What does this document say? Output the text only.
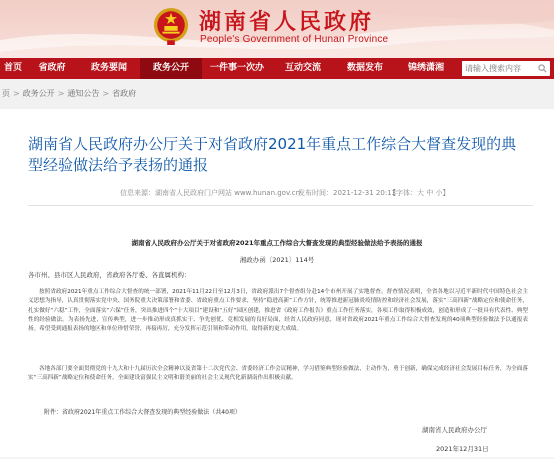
湖南省人民政府
People's Government of Hunan Province
首页	省政府	政务要闻	政务公开	一件事一次办	互动交流	数据发布	锦绣潇湘
请输入搜索内容
页 > 政务公开 > 通知公告 > 省政府
湖南省人民政府办公厅关于对省政府2021年重点工作综合大督查发现的典型经验做法给予表扬的通报
信息来源：湖南省人民政府门户网站 www.hunan.gov.cn
发布时间：2021-12-31 20:13
【字体：大 中 小】
湖南省人民政府办公厅关于对省政府2021年重点工作综合大督查发现的典型经验做法给予表扬的通报
湘政办函〔2021〕114号
各市州、县市区人民政府，省政府各厅委、各直属机构：

按照省政府2021年重点工作综合大督查的统一部署，2021年11月22日至12月3日，省政府派出7个督查组分赴14个市州开展了实地督查。督查情况表明，全省各地以习近平新时代中国特色社会主义思想为指导，认真贯彻落实党中央、国务院重大决策部署和省委、省政府重点工作要求，坚持“稳进高新”工作方针，统筹推进新冠肺炎疫情防控和经济社会发展，落实“三高四新”战略定位和使命任务，扎实做好“六稳”工作，全面落实“六保”任务，突出推进四个“十大项目”建设和“五好”园区创建，推进省《政府工作报告》重点工作任务落实，各项工作取得积极成效，创造和形成了一批具有代表性、典型性的经验做法。为表扬先进，宣传典型，进一步推动形成真抓实干、争先创优、竞相发展的良好局面，经省人民政府同意，现对省政府2021年重点工作综合大督查发现的40项典型经验做法予以通报表扬。希望受到通报表扬的地区和单位珍惜荣誉，再接再厉，充分发挥示范引领和带动作用，取得新的更大成绩。

各地各部门要全面贯彻党的十九大和十九届历次全会精神以及省第十二次党代会、省委经济工作会议精神，学习借鉴典型经验做法，主动作为，勇于创新，确保完成经济社会发展目标任务，为全面落实“三高四新”战略定位和使命任务，全面建设富强民主文明和谐美丽的社会主义现代化新湖南作出积极贡献。

附件：省政府2021年重点工作综合大督查发现的典型经验做法（共40项）
湖南省人民政府办公厅
2021年12月31日
